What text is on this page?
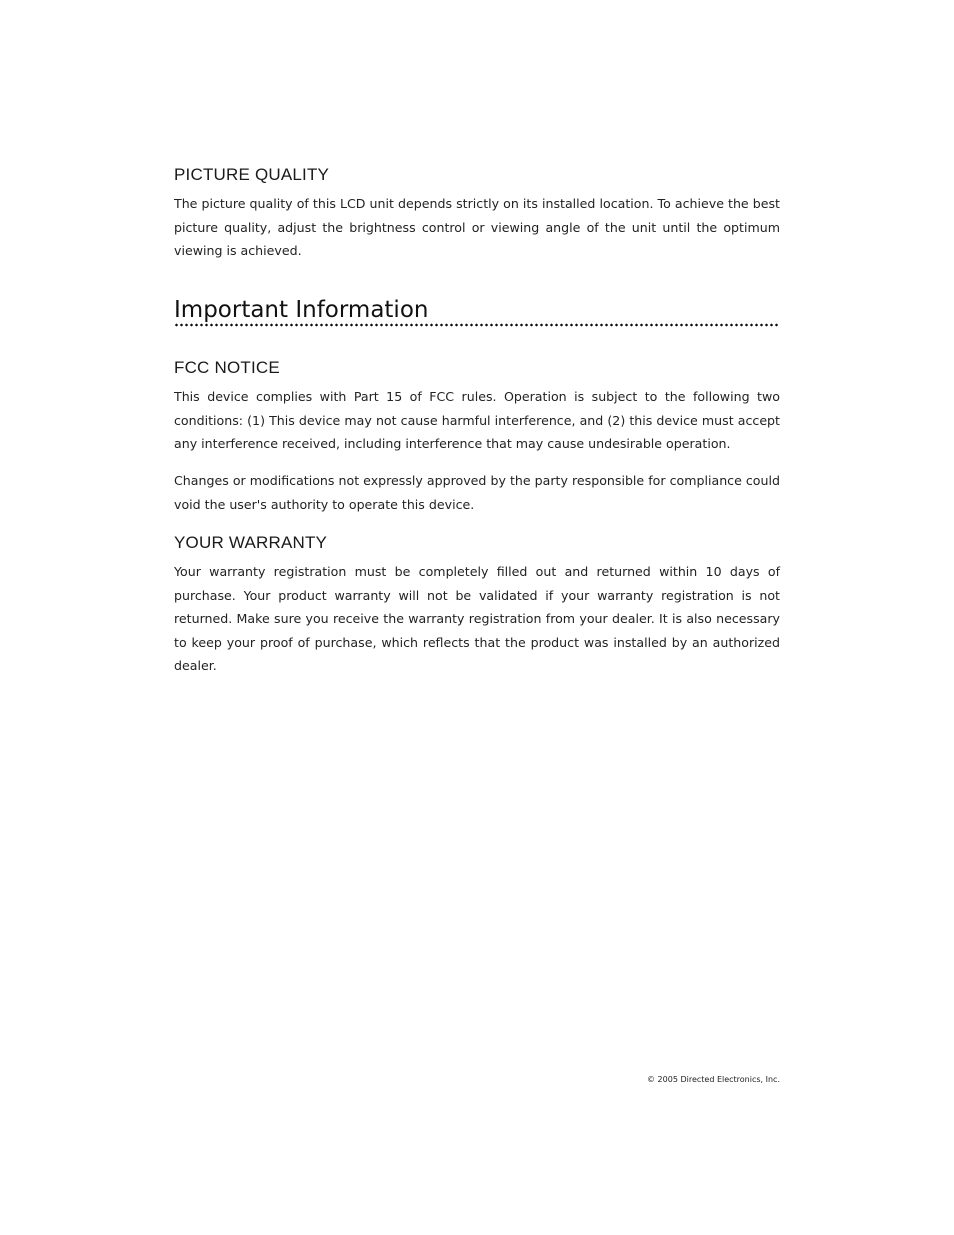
PICTURE QUALITY

The picture quality of this LCD unit depends strictly on its installed location. To achieve the best picture quality, adjust the brightness control or viewing angle of the unit until the optimum viewing is achieved.

Important Information
FCC NOTICE

This device complies with Part 15 of FCC rules. Operation is subject to the following two conditions: (1) This device may not cause harmful interference, and (2) this device must accept any interference received, including interference that may cause undesirable operation.

Changes or modifications not expressly approved by the party responsible for compliance could void the user's authority to operate this device.

YOUR WARRANTY

Your warranty registration must be completely filled out and returned within 10 days of purchase. Your product warranty will not be validated if your warranty registration is not returned. Make sure you receive the warranty registration from your dealer. It is also necessary to keep your proof of purchase, which reflects that the product was installed by an authorized dealer.

© 2005 Directed Electronics, Inc.
